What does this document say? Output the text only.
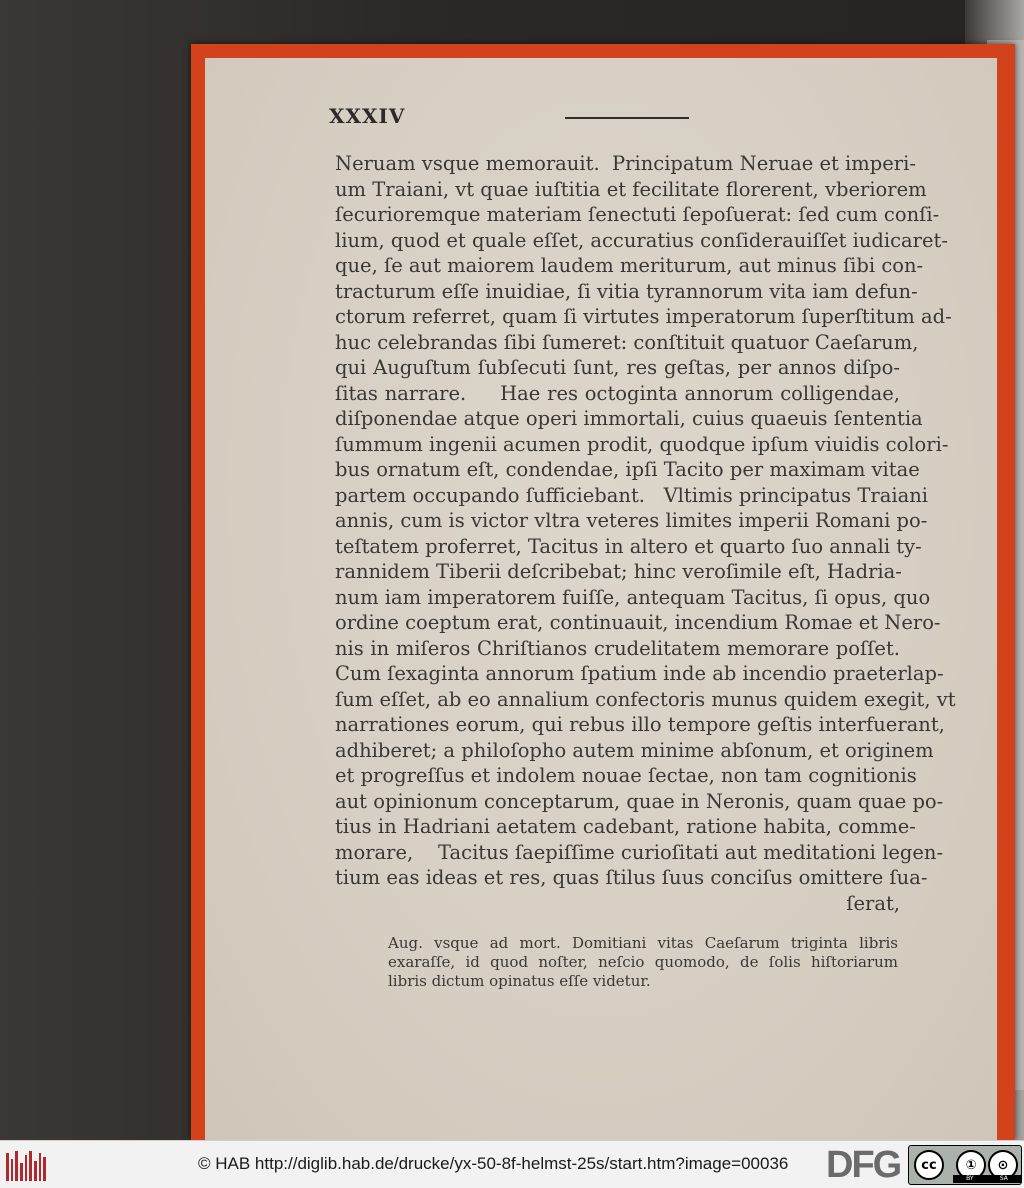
XXXIV
Neruam vsque memorauit.  Principatum Neruae et imperi-
um Traiani, vt quae iuſtitia et fecilitate florerent, vberiorem
ſecurioremque materiam ſenectuti ſepoſuerat: ſed cum conſi-
lium, quod et quale eſſet, accuratius conſiderauiſſet iudicaret-
que, ſe aut maiorem laudem meriturum, aut minus ſibi con-
tracturum eſſe inuidiae, ſi vitia tyrannorum vita iam defun-
ctorum referret, quam ſi virtutes imperatorum ſuperſtitum ad-
huc celebrandas ſibi ſumeret: conſtituit quatuor Caeſarum,
qui Auguſtum ſubſecuti ſunt, res geſtas, per annos diſpo-
ſitas narrare.     Hae res octoginta annorum colligendae,
diſponendae atque operi immortali, cuius quaeuis ſententia
ſummum ingenii acumen prodit, quodque ipſum viuidis colori-
bus ornatum eſt, condendae, ipſi Tacito per maximam vitae
partem occupando ſufficiebant.   Vltimis principatus Traiani
annis, cum is victor vltra veteres limites imperii Romani po-
teſtatem proferret, Tacitus in altero et quarto ſuo annali ty-
rannidem Tiberii deſcribebat; hinc veroſimile eſt, Hadria-
num iam imperatorem fuiſſe, antequam Tacitus, ſi opus, quo
ordine coeptum erat, continuauit, incendium Romae et Nero-
nis in miſeros Chriſtianos crudelitatem memorare poſſet.
Cum ſexaginta annorum ſpatium inde ab incendio praeterlap-
ſum eſſet, ab eo annalium confectoris munus quidem exegit, vt
narrationes eorum, qui rebus illo tempore geſtis interfuerant,
adhiberet; a philoſopho autem minime abſonum, et originem
et progreſſus et indolem nouae ſectae, non tam cognitionis
aut opinionum conceptarum, quae in Neronis, quam quae po-
tius in Hadriani aetatem cadebant, ratione habita, comme-
morare,    Tacitus ſaepiſſime curioſitati aut meditationi legen-
tium eas ideas et res, quas ſtilus ſuus conciſus omittere ſua-
ſerat,
Aug. vsque ad mort. Domitiani vitas Caeſarum triginta libris
exaraſſe, id quod noſter, neſcio quomodo, de ſolis hiſtoriarum
libris dictum opinatus eſſe videtur.
© HAB http://diglib.hab.de/drucke/yx-50-8f-helmst-25s/start.htm?image=00036 DFG	cc	①	⊙
BY	SA
